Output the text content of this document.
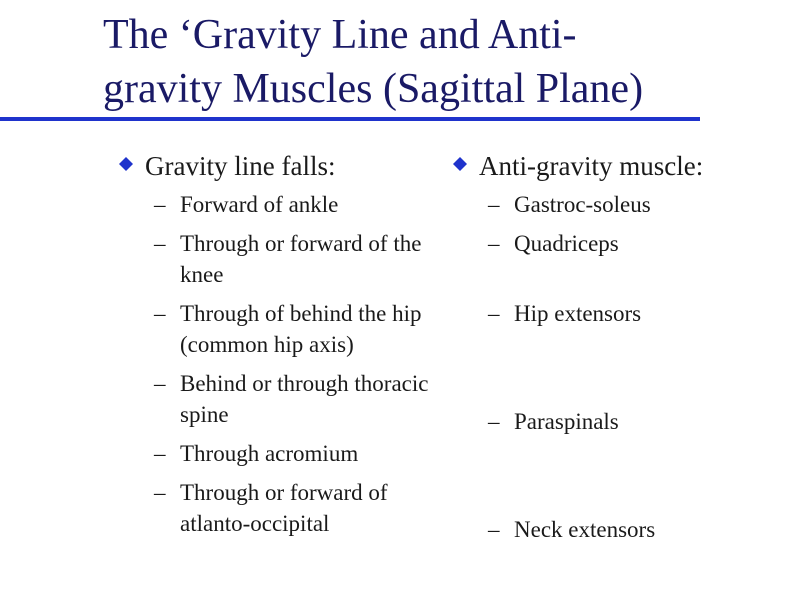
The ‘Gravity Line and Anti-
gravity Muscles (Sagittal Plane)
Gravity line falls:
– Forward of ankle
– Through or forward of the knee
– Through of behind the hip (common hip axis)
– Behind or through thoracic spine
– Through acromium
– Through or forward of atlanto-occipital
Anti-gravity muscle:
– Gastroc-soleus
– Quadriceps
– Hip extensors
– Paraspinals
– Neck extensors
